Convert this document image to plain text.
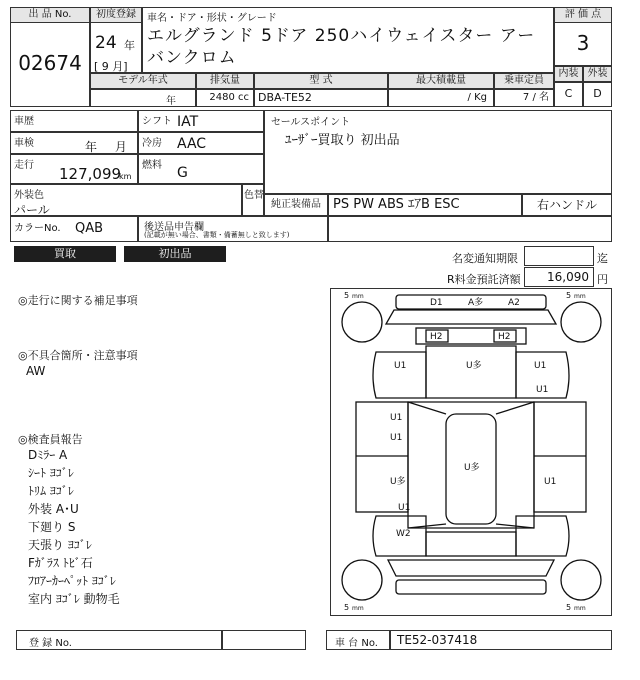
出 品 No.
02674
初度登録
24 年
[ 9 月]
車名・ドア・形状・グレード
エルグランド 5ドア 250ハイウェイスター アーバンクロム
評 価 点
3
内装 外装
C	D
モデル年式	排気量	型 式	最大積載量	乗車定員
年	2480 cc DBA-TE52	/ Kg	7 / 名
車歴
車検	年 月
走行 127,099
km
シフト IAT
冷房 AAC
燃料 G
セールスポイント
ﾕｰｻﾞｰ買取り 初出品
外装色
パール
色替
純正装備品 PS PW ABS ｴｱB ESC	右ハンドル
カラーNo. QAB	後送品申告欄
(記載が無い場合、書類・備蓄無しと致します)
買取	初出品	名変通知期限	迄
R料金預託済額	16,090 円
◎走行に関する補足事項
◎不具合箇所・注意事項
AW
◎検査員報告
Dﾐﾗｰ A
ｼｰﾄ ﾖｺﾞﾚ
ﾄﾘﾑ ﾖｺﾞﾚ
外装 A･U
下廻り S
天張り ﾖｺﾞﾚ
Fｶﾞﾗｽ ﾄﾋﾞ石
ﾌﾛｱｰｶｰﾍﾟｯﾄ ﾖｺﾞﾚ
室内 ﾖｺﾞﾚ 動物毛
5 mm	5 mm
5 mm	5 mm
D1	A多	A2
H2	H2
U1	U1
U多
U1
U1
U1
U多
U多
U1
U1
W2
登 録 No.	車 台 No. TE52-037418
